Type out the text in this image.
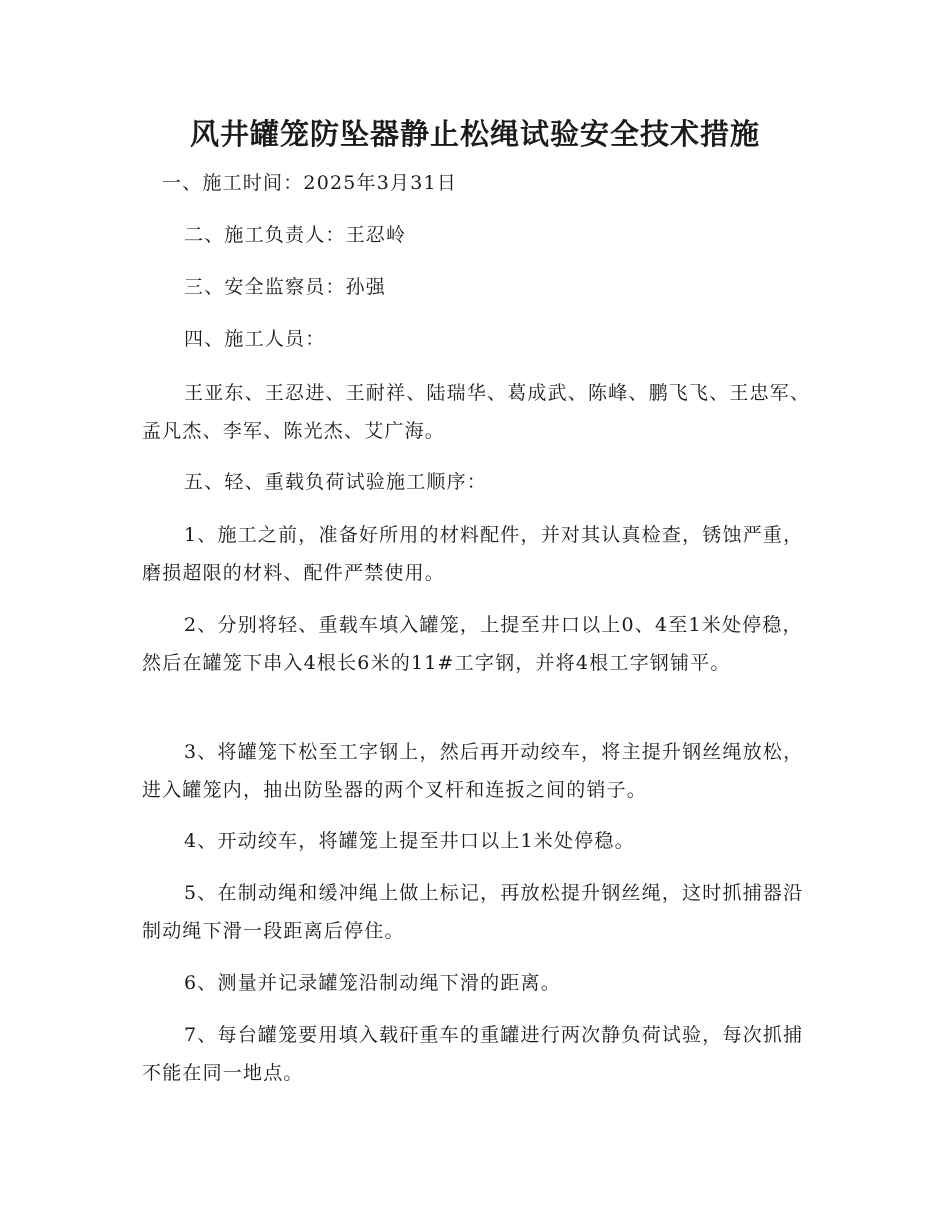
风井罐笼防坠器静止松绳试验安全技术措施

一、施工时间：2025年3月31日

二、施工负责人：王忍岭

三、安全监察员：孙强

四、施工人员：

王亚东、王忍进、王耐祥、陆瑞华、葛成武、陈峰、鹏飞飞、王忠军、孟凡杰、李军、陈光杰、艾广海。

五、轻、重载负荷试验施工顺序：

1、施工之前，准备好所用的材料配件，并对其认真检查，锈蚀严重，磨损超限的材料、配件严禁使用。

2、分别将轻、重载车填入罐笼，上提至井口以上0、4至1米处停稳，然后在罐笼下串入4根长6米的11#工字钢，并将4根工字钢铺平。

3、将罐笼下松至工字钢上，然后再开动绞车，将主提升钢丝绳放松，进入罐笼内，抽出防坠器的两个叉杆和连扳之间的销子。

4、开动绞车，将罐笼上提至井口以上1米处停稳。

5、在制动绳和缓冲绳上做上标记，再放松提升钢丝绳，这时抓捕器沿制动绳下滑一段距离后停住。

6、测量并记录罐笼沿制动绳下滑的距离。

7、每台罐笼要用填入载矸重车的重罐进行两次静负荷试验，每次抓捕不能在同一地点。
